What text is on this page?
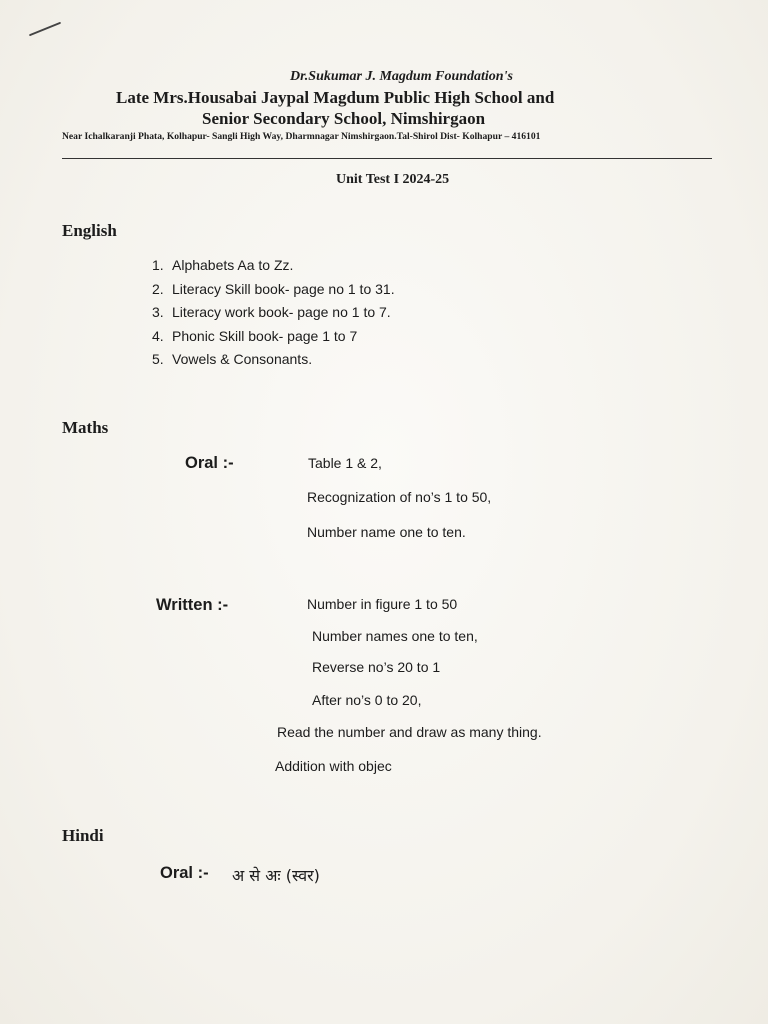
Dr.Sukumar J. Magdum Foundation's
Late Mrs.Housabai Jaypal Magdum Public High School and
Senior Secondary School, Nimshirgaon
Near Ichalkaranji Phata, Kolhapur- Sangli High Way, Dharmnagar Nimshirgaon.Tal-Shirol Dist- Kolhapur – 416101
Unit Test I 2024-25
English
1. Alphabets Aa to Zz.
2. Literacy Skill book- page no 1 to 31.
3. Literacy work book- page no 1 to 7.
4. Phonic Skill book- page 1 to 7
5. Vowels & Consonants.
Maths
Oral :-	Table 1 & 2,
Recognization of no’s 1 to 50,
Number name one to ten.
Written :-	Number in figure 1 to 50
Number names one to ten,
Reverse no’s 20 to 1
After no’s 0 to 20,
Read the number and draw as many thing.
Addition with objec
Hindi
Oral :- अ से अः (स्वर)
